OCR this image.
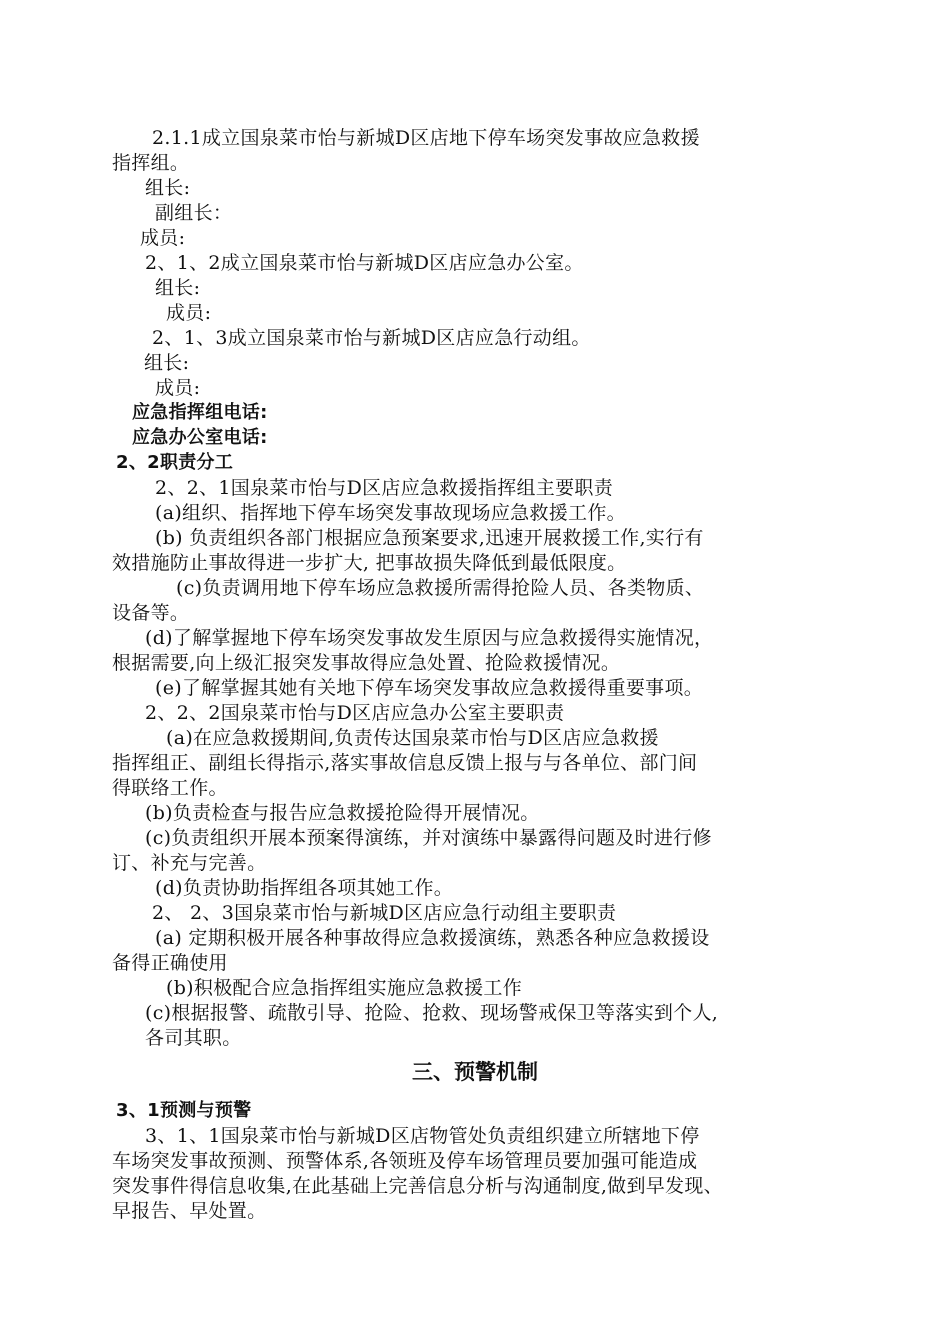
2.1.1成立国泉菜市怡与新城D区店地下停车场突发事故应急救援
指挥组。
组长:
副组长：
成员:
2、1、2成立国泉菜市怡与新城D区店应急办公室。
组长:
成员:
2、1、3成立国泉菜市怡与新城D区店应急行动组。
组长:
成员:
应急指挥组电话:
应急办公室电话:
2、2职责分工
2、2、1国泉菜市怡与D区店应急救援指挥组主要职责
(a)组织、指挥地下停车场突发事故现场应急救援工作。
(b) 负责组织各部门根据应急预案要求,迅速开展救援工作,实行有
效措施防止事故得进一步扩大, 把事故损失降低到最低限度。
(c)负责调用地下停车场应急救援所需得抢险人员、各类物质、
设备等。
(d)了解掌握地下停车场突发事故发生原因与应急救援得实施情况，
根据需要,向上级汇报突发事故得应急处置、抢险救援情况。
(e)了解掌握其她有关地下停车场突发事故应急救援得重要事项。
2、2、2国泉菜市怡与D区店应急办公室主要职责
(a)在应急救援期间,负责传达国泉菜市怡与D区店应急救援
指挥组正、副组长得指示,落实事故信息反馈上报与与各单位、部门间
得联络工作。
(b)负责检查与报告应急救援抢险得开展情况。
(c)负责组织开展本预案得演练，并对演练中暴露得问题及时进行修
订、补充与完善。
(d)负责协助指挥组各项其她工作。
2、 2、3国泉菜市怡与新城D区店应急行动组主要职责
(a) 定期积极开展各种事故得应急救援演练，熟悉各种应急救援设
备得正确使用
(b)积极配合应急指挥组实施应急救援工作
(c)根据报警、疏散引导、抢险、抢救、现场警戒保卫等落实到个人,
各司其职。
三、预警机制
3、1预测与预警
3、1、1国泉菜市怡与新城D区店物管处负责组织建立所辖地下停
车场突发事故预测、预警体系,各领班及停车场管理员要加强可能造成
突发事件得信息收集,在此基础上完善信息分析与沟通制度,做到早发现、
早报告、早处置。
